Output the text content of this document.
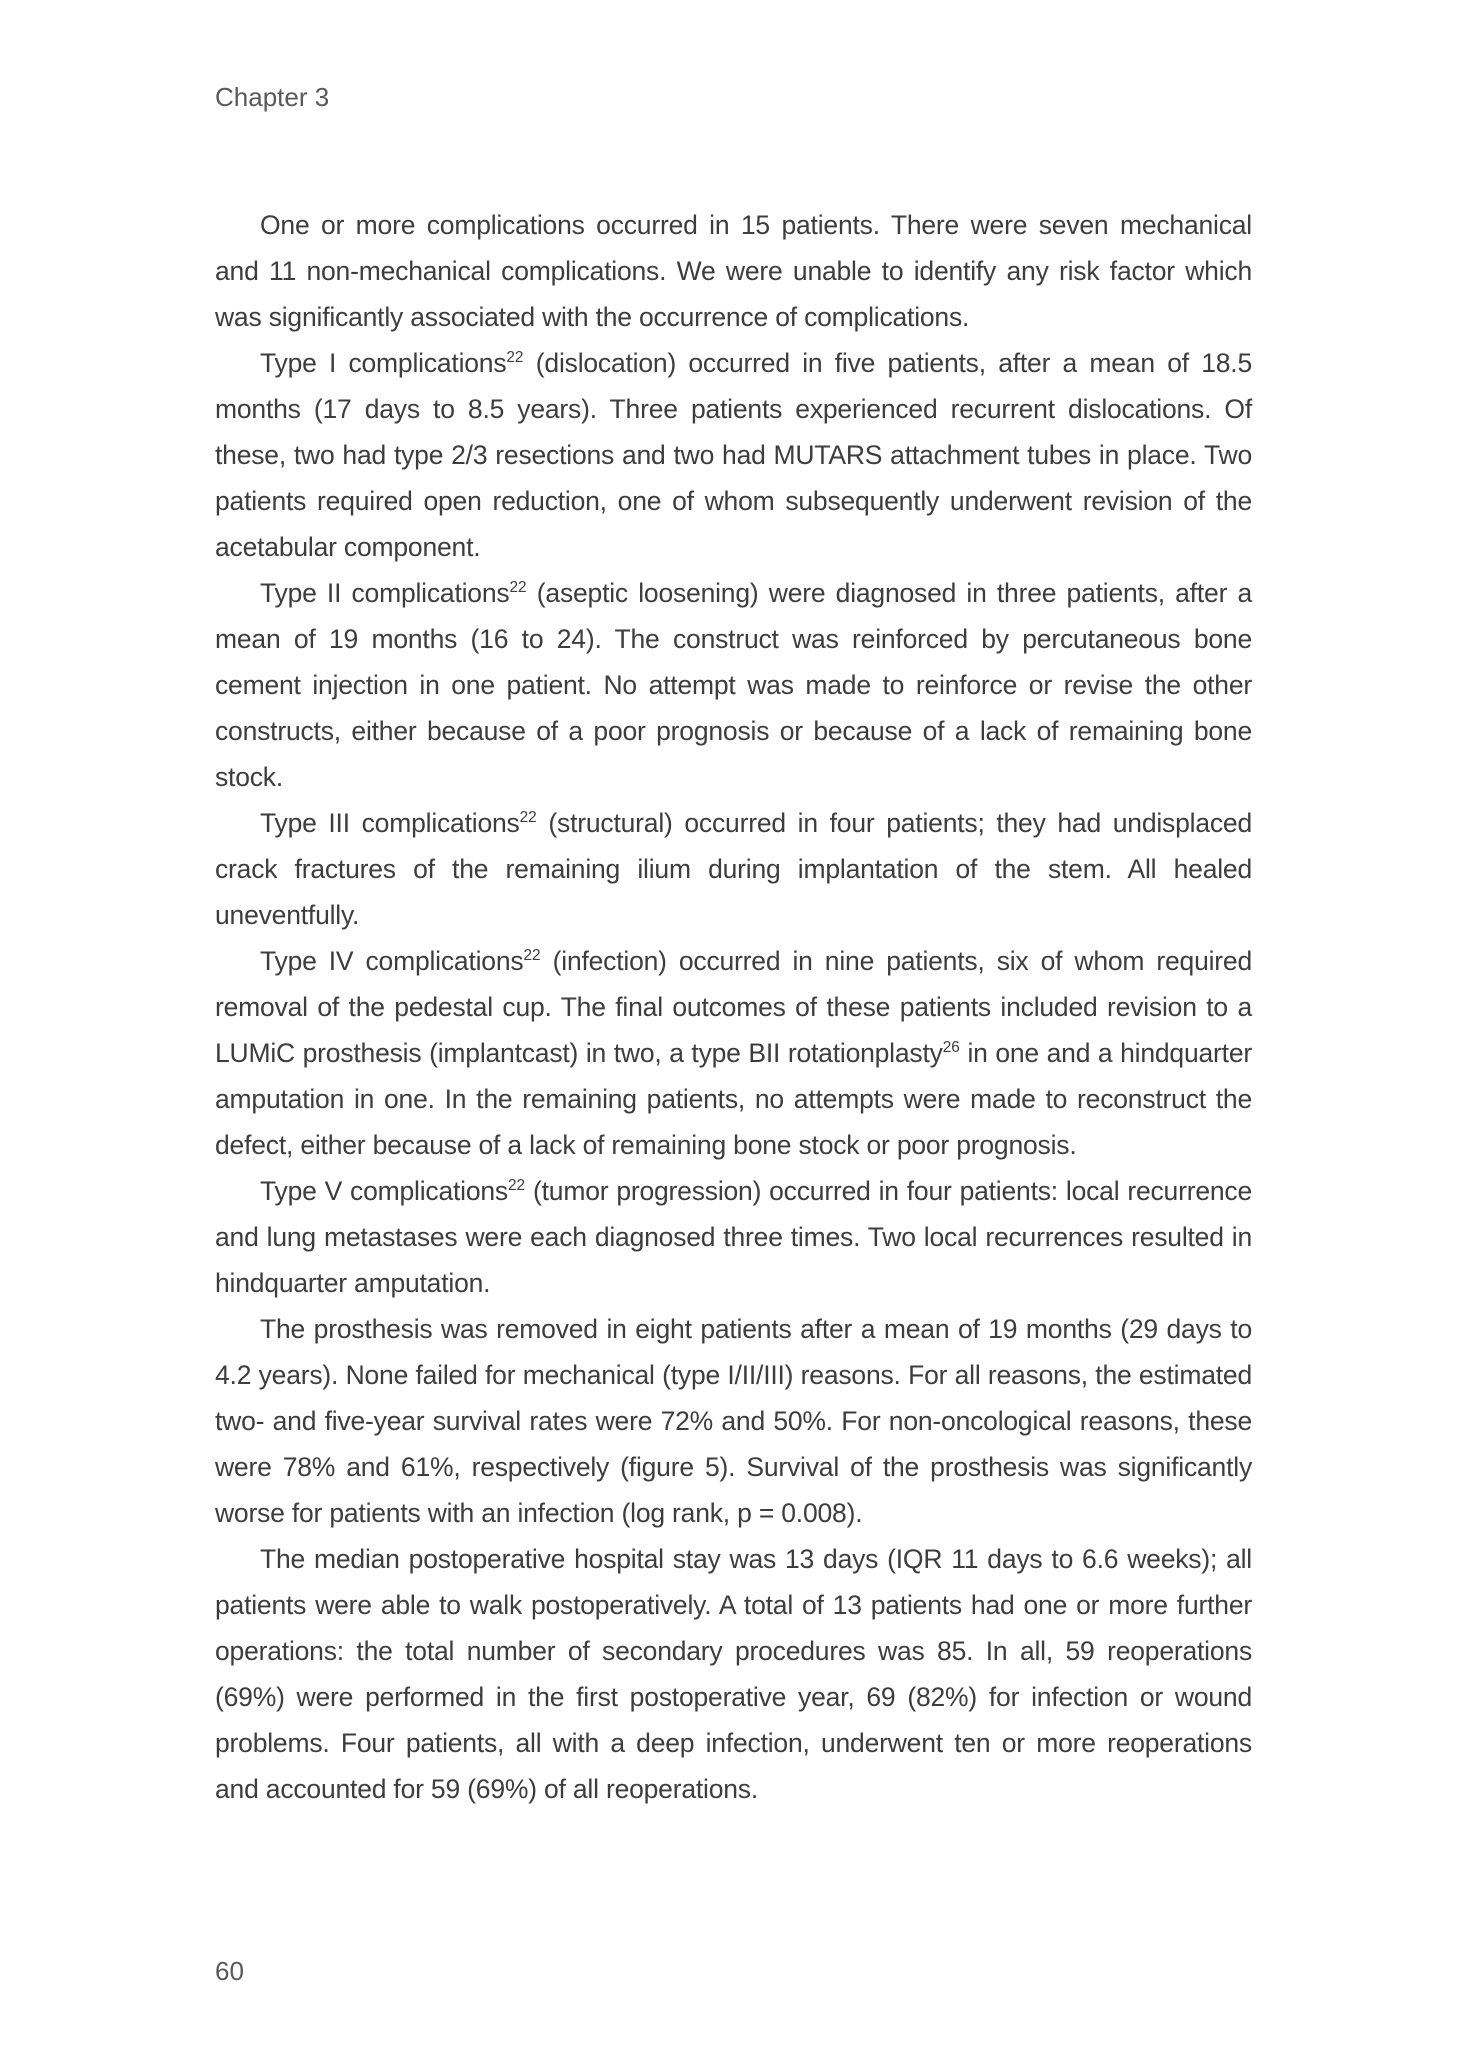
Chapter 3

One or more complications occurred in 15 patients. There were seven mechanical and 11 non-mechanical complications. We were unable to identify any risk factor which was significantly associated with the occurrence of complications.

Type I complications$^{22}$ (dislocation) occurred in five patients, after a mean of 18.5 months (17 days to 8.5 years). Three patients experienced recurrent dislocations. Of these, two had type 2/3 resections and two had MUTARS attachment tubes in place. Two patients required open reduction, one of whom subsequently underwent revision of the acetabular component.

Type II complications$^{22}$ (aseptic loosening) were diagnosed in three patients, after a mean of 19 months (16 to 24). The construct was reinforced by percutaneous bone cement injection in one patient. No attempt was made to reinforce or revise the other constructs, either because of a poor prognosis or because of a lack of remaining bone stock.

Type III complications$^{22}$ (structural) occurred in four patients; they had undisplaced crack fractures of the remaining ilium during implantation of the stem. All healed uneventfully.

Type IV complications$^{22}$ (infection) occurred in nine patients, six of whom required removal of the pedestal cup. The final outcomes of these patients included revision to a LUMiC prosthesis (implantcast) in two, a type BII rotationplasty$^{26}$ in one and a hindquarter amputation in one. In the remaining patients, no attempts were made to reconstruct the defect, either because of a lack of remaining bone stock or poor prognosis.

Type V complications$^{22}$ (tumor progression) occurred in four patients: local recurrence and lung metastases were each diagnosed three times. Two local recurrences resulted in hindquarter amputation.

The prosthesis was removed in eight patients after a mean of 19 months (29 days to 4.2 years). None failed for mechanical (type I/II/III) reasons. For all reasons, the estimated two- and five-year survival rates were 72% and 50%. For non-oncological reasons, these were 78% and 61%, respectively (figure 5). Survival of the prosthesis was significantly worse for patients with an infection (log rank, p = 0.008).

The median postoperative hospital stay was 13 days (IQR 11 days to 6.6 weeks); all patients were able to walk postoperatively. A total of 13 patients had one or more further operations: the total number of secondary procedures was 85. In all, 59 reoperations (69%) were performed in the first postoperative year, 69 (82%) for infection or wound problems. Four patients, all with a deep infection, underwent ten or more reoperations and accounted for 59 (69%) of all reoperations.

60
